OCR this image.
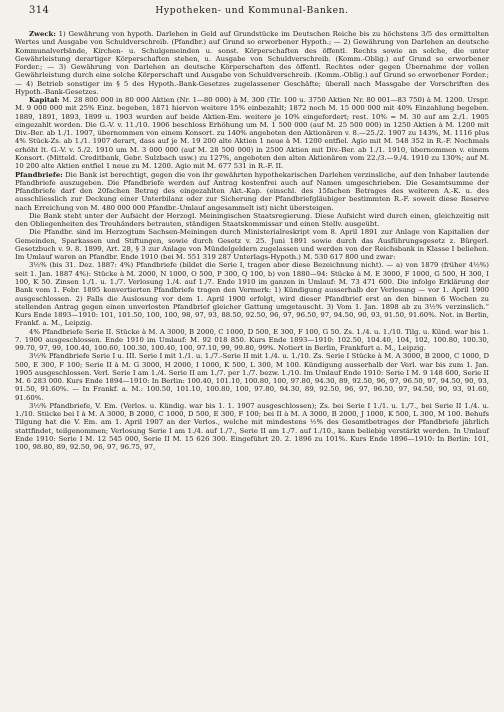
314	Hypotheken- und Kommunal-Banken.

Zweck: 1) Gewährung von hypoth. Darlehen in Geld auf Grundstücke im Deutschen Reiche bis zu höchstens 3/5 des ermittelten Wertes und Ausgabe von Schuldverschreib. (Pfandbr.) auf Grund so erworbener Hypoth.; — 2) Gewährung von Darlehen an deutsche Kommunalverbände, Kirchen- u. Schulgemeinden u. sonst. Körperschaften des öffentl. Rechts sowie an solche, die unter Gewährleistung derartiger Körperschaften stehen, u. Ausgabe von Schuldverschreib. (Komm.-Oblig.) auf Grund so erworbener Forder.; — 3) Gewährung von Darlehen an deutsche Körperschaften des öffentl. Rechtes oder gegen Übernahme der vollen Gewährleistung durch eine solche Körperschaft und Ausgabe von Schuldverschreib. (Komm.-Oblig.) auf Grund so erworbener Forder.; — 4) Betrieb sonstiger im § 5 des Hypoth.-Bank-Gesetzes zugelassener Geschäfte; überall nach Massgabe der Vorschriften des Hypoth.-Bank-Gesetzes.

Kapital: M. 28 800 000 in 80 000 Aktien (Nr. 1—80 000) à M. 300 (Tlr. 100 u. 3750 Aktien Nr. 80 001—83 750) à M. 1200. Urspr. M. 9 000 000 mit 25% Einz. begeben, 1871 hiervon weitere 15% einbezahlt; 1872 noch M. 15 000 000 mit 40% Einzahlung begeben. 1889, 1891, 1893, 1899 u. 1903 wurden auf beide Aktien-Em. weitere je 10% eingefordert; rest. 10% = M. 30 auf am 2./1. 1905 eingezahlt worden. Die G.-V. v. 11./10. 1906 beschloss Erhöhung um M. 1 500 000 (auf M. 25 500 000) in 1250 Aktien à M. 1200 mit Div.-Ber. ab 1./1. 1907, übernommen von einem Konsort. zu 140% angeboten den Aktionären v. 8.—25./2. 1907 zu 143%, M. 1116 plus 4% Stück-Zs. ab 1./1. 1907 derart, dass auf je M. 19 200 alte Aktien 1 neue à M. 1200 entfiel. Agio mit M. 548 352 in R.-F. Nochmals erhöht lt. G.-V. v. 5./2. 1910 um M. 3 000 000 (auf M. 28 500 000) in 2500 Aktien mit Div.-Ber. ab 1./1. 1910, übernommen v. einem Konsort. (Mitteld. Creditbank, Gebr. Sulzbach usw.) zu 127%, angeboten den alten Aktionären vom 22./3.—9./4. 1910 zu 130%; auf M. 10 200 alte Aktien entfiel 1 neue zu M. 1200. Agio mit M. 677 531 in R.-F. II.

Pfandbriefe: Die Bank ist berechtigt, gegen die von ihr gewährten hypothekarischen Darlehen verzinsliche, auf den Inhaber lautende Pfandbriefe auszugeben. Die Pfandbriefe werden auf Antrag kostenfrei auch auf Namen umgeschrieben. Die Gesamtsumme der Pfandbriefe darf den 20fachen Betrag des eingezahlten Akt.-Kap. (einschl. des 15fachen Betrages des weiteren A.-K. u. des ausschliesslich zur Deckung einer Unterbilanz oder zur Sicherung der Pfandbriefgläubiger bestimmten R.-F. soweit diese Reserve nach Erreichung von M. 480 000 000 Pfandbr.-Umlauf angesammelt ist) nicht übersteigen.

Die Bank steht unter der Aufsicht der Herzogl. Meiningischen Staatsregierung. Diese Aufsicht wird durch einen, gleichzeitig mit den Obliegenheiten des Treuhänders betrauten, ständigen Staatskommissar und einen Stellv. ausgeübt.

Die Pfandbr. sind im Herzogtum Sachsen-Meiningen durch Ministerialreskript vom 8. April 1891 zur Anlage von Kapitalien der Gemeinden, Sparkassen und Stiftungen, sowie durch Gesetz v. 25. Juni 1891 sowie durch das Ausführungsgesetz z. Bürgerl. Gesetzbuch v. 9. 8. 1899, Art. 28, § 3 zur Anlage von Mündelgeldern zugelassen und werden von der Reichsbank in Klasse I beliehen. Im Umlauf waren an Pfandbr. Ende 1910 (bei M. 551 319 287 Unterlags-Hypoth.) M. 530 617 800 und zwar:

3½% (bis 31. Dez. 1887: 4%) Pfandbriefe (bildet die Serie I, tragen aber diese Bezeichnung nicht). — a) von 1879 (früher 4½%) seit 1. Jan. 1887 4%): Stücke à M. 2000, N 1000, O 500, P 300, Q 100, b) von 1880—94: Stücke à M. E 3000, F 1000, G 500, H 300, I 100, K 50. Zinsen 1./1. u. 1./7. Verlosung 1./4. auf 1./7. Ende 1910 im ganzen in Umlauf: M. 73 471 600. Die infolge Erklärung der Bank vom 1. Febr. 1895 konvertierten Pfandbriefe tragen den Vermerk: 1) Kündigung ausserhalb der Verlosung — vor 1. April 1900 ausgeschlossen. 2) Falls die Auslosung vor dem 1. April 1900 erfolgt, wird dieser Pfandbrief erst an den binnen 6 Wochen zu stellenden Antrag gegen einen unverlosten Pfandbrief gleicher Gattung umgetauscht. 3) Vom 1. Jan. 1898 ab zu 3½% verzinslich.“ Kurs Ende 1893—1910: 101, 101.50, 100, 100, 98, 97, 93, 88.50, 92.50, 96, 97, 96.50, 97, 94.50, 90, 93, 91.50, 91.60%. Not. in Berlin, Frankf. a. M., Leipzig.

4% Pfandbriefe Serie II. Stücke à M. A 3000, B 2000, C 1000, D 500, E 300, F 100, G 50. Zs. 1./4. u. 1./10. Tilg. u. Künd. war bis 1. 7. 1900 ausgeschlossen. Ende 1910 im Umlauf: M. 92 018 850. Kurs Ende 1893—1910: 102.50, 104.40, 104, 102, 100.80, 100.30, 99.70, 97, 99, 100.40, 100.60, 100.30, 100.40, 100, 97.10, 99, 99.80, 99%. Notiert in Berlin, Frankfurt a. M., Leipzig.

3½% Pfandbriefe Serie I u. III. Serie I mit 1./1. u. 1./7.-Serie II mit 1./4. u. 1./10. Zs. Serie I Stücke à M. A 3000, B 2000, C 1000, D 500, E 300, F 100; Serie II à M. G 3000, H 2000, I 1000, K 500, L 300, M 100. Kündigung ausserhalb der Verl. war bis zum 1. Jan. 1905 ausgeschlossen. Verl. Serie I am 1./4. Serie II am 1./7. per 1./7. bezw. 1./10. Im Umlauf Ende 1910: Serie I M. 9 148 600, Serie II M. 6 283 000. Kurs Ende 1894—1910: In Berlin: 100.40, 101.10, 100.80, 100, 97.80, 94.30, 89, 92.50, 96, 97, 96.50, 97, 94.50, 90, 93, 91.50, 91.60%. — In Frankf. a. M.: 100.50, 101.10, 100.80, 100, 97.80, 94.30, 89, 92.50, 96, 97, 96.50, 97, 94.50, 90, 93, 91.60, 91.60%.

3½% Pfandbriefe, V. Em. (Verlos. u. Kündig. war bis 1. 1. 1907 ausgeschlossen); Zs. bei Serie I 1./1. u. 1./7., bei Serie II 1./4. u. 1./10. Stücke bei I à M. A 3000, B 2000, C 1000, D 500, E 300, F 100; bei II à M. A 3000, B 2000, J 1000, K 500, L 300, M 100. Behufs Tilgung hat die V. Em. am 1. April 1907 an der Verlos., welche mit mindestens ½% des Gesamtbetrages der Pfandbriefe jährlich stattfindet, teilgenommen; Verlosung Serie I am 1./4. auf 1./7., Serie II am 1./7. auf 1./10., kann beliebig verstärkt werden. In Umlauf Ende 1910: Serie I M. 12 545 000, Serie II M. 15 626 300. Eingeführt 20. 2. 1896 zu 101%. Kurs Ende 1896—1910: In Berlin: 101, 100, 98.80, 89, 92.50, 96, 97, 96.75, 97,
